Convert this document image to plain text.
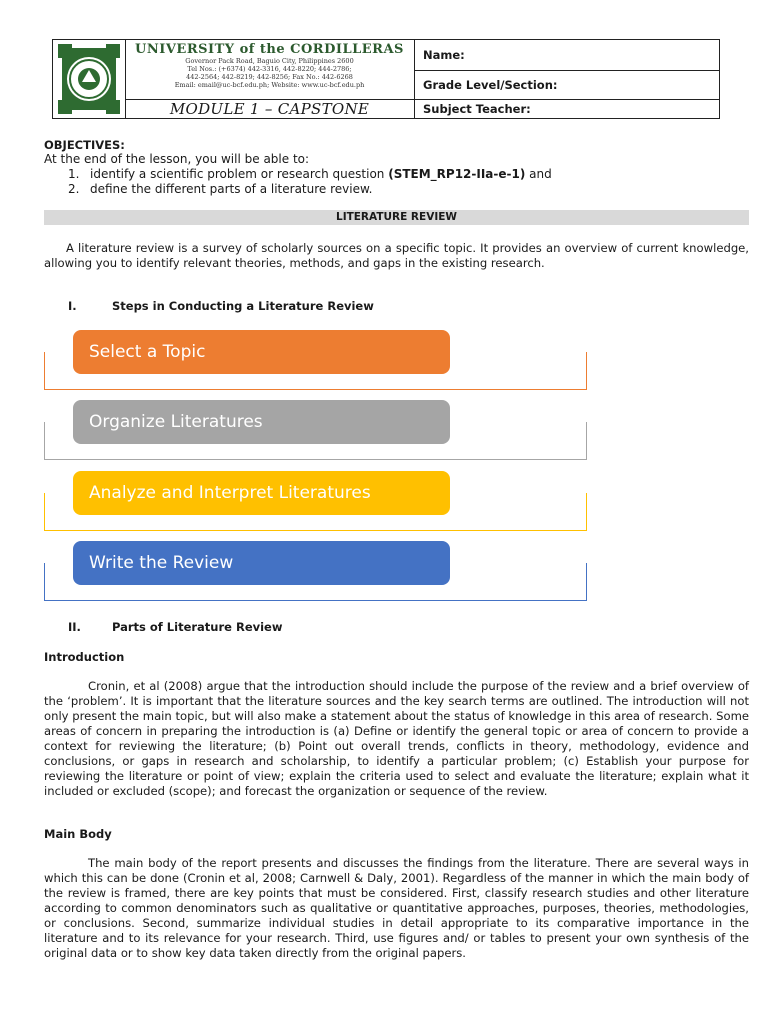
UNIVERSITY of the CORDILLERAS
Governor Pack Road, Baguio City, Philippines 2600
Tel Nos.: (+6374) 442-3316, 442-8220; 444-2786;
442-2564; 442-8219; 442-8256; Fax No.: 442-6268
Email: email@uc-bcf.edu.ph; Website: www.uc-bcf.edu.ph
MODULE 1 – CAPSTONE
Name:
Grade Level/Section:
Subject Teacher:
OBJECTIVES:
At the end of the lesson, you will be able to:
1. identify a scientific problem or research question (STEM_RP12-IIa-e-1) and
2. define the different parts of a literature review.
LITERATURE REVIEW
A literature review is a survey of scholarly sources on a specific topic. It provides an overview of current knowledge, allowing you to identify relevant theories, methods, and gaps in the existing research.
I.	Steps in Conducting a Literature Review
Select a Topic
Organize Literatures
Analyze and Interpret Literatures
Write the Review
II.	Parts of Literature Review
Introduction
Cronin, et al (2008) argue that the introduction should include the purpose of the review and a brief overview of the ‘problem’. It is important that the literature sources and the key search terms are outlined. The introduction will not only present the main topic, but will also make a statement about the status of knowledge in this area of research. Some areas of concern in preparing the introduction is (a) Define or identify the general topic or area of concern to provide a context for reviewing the literature; (b) Point out overall trends, conflicts in theory, methodology, evidence and conclusions, or gaps in research and scholarship, to identify a particular problem; (c) Establish your purpose for reviewing the literature or point of view; explain the criteria used to select and evaluate the literature; explain what it included or excluded (scope); and forecast the organization or sequence of the review.
Main Body
The main body of the report presents and discusses the findings from the literature. There are several ways in which this can be done (Cronin et al, 2008; Carnwell & Daly, 2001). Regardless of the manner in which the main body of the review is framed, there are key points that must be considered. First, classify research studies and other literature according to common denominators such as qualitative or quantitative approaches, purposes, theories, methodologies, or conclusions. Second, summarize individual studies in detail appropriate to its comparative importance in the literature and to its relevance for your research. Third, use figures and/ or tables to present your own synthesis of the original data or to show key data taken directly from the original papers.
